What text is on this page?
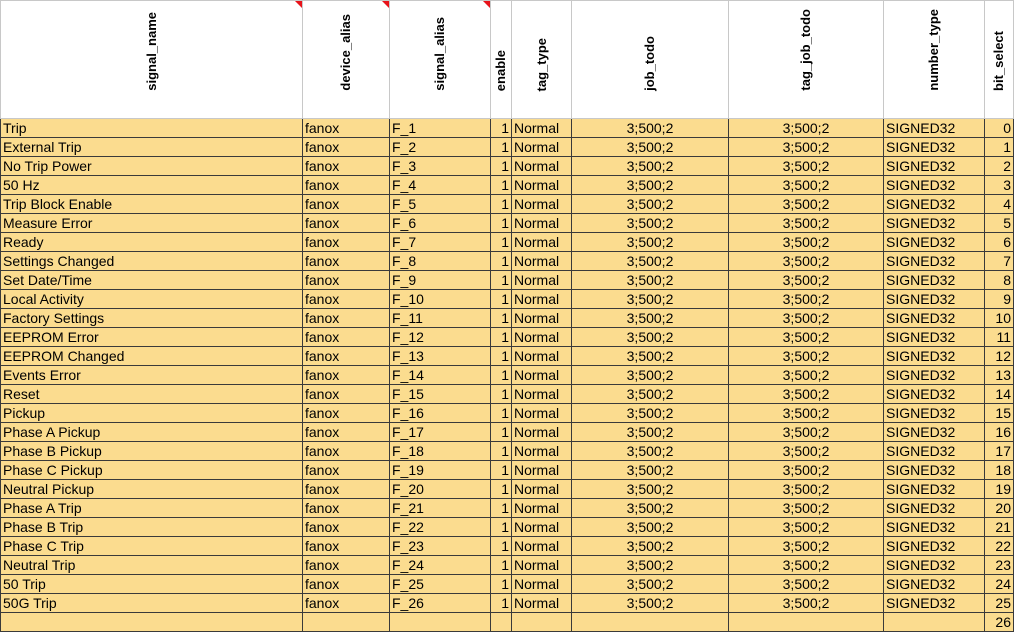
signal_name	device_alias	signal_alias	enable	tag_type	job_todo	tag_job_todo	number_type	bit_select

Trip	fanox	F_1	1	Normal	3;500;2	3;500;2	SIGNED32	0
External Trip	fanox	F_2	1	Normal	3;500;2	3;500;2	SIGNED32	1
No Trip Power	fanox	F_3	1	Normal	3;500;2	3;500;2	SIGNED32	2
50 Hz	fanox	F_4	1	Normal	3;500;2	3;500;2	SIGNED32	3
Trip Block Enable	fanox	F_5	1	Normal	3;500;2	3;500;2	SIGNED32	4
Measure Error	fanox	F_6	1	Normal	3;500;2	3;500;2	SIGNED32	5
Ready	fanox	F_7	1	Normal	3;500;2	3;500;2	SIGNED32	6
Settings Changed	fanox	F_8	1	Normal	3;500;2	3;500;2	SIGNED32	7
Set Date/Time	fanox	F_9	1	Normal	3;500;2	3;500;2	SIGNED32	8
Local Activity	fanox	F_10	1	Normal	3;500;2	3;500;2	SIGNED32	9
Factory Settings	fanox	F_11	1	Normal	3;500;2	3;500;2	SIGNED32	10
EEPROM Error	fanox	F_12	1	Normal	3;500;2	3;500;2	SIGNED32	11
EEPROM Changed	fanox	F_13	1	Normal	3;500;2	3;500;2	SIGNED32	12
Events Error	fanox	F_14	1	Normal	3;500;2	3;500;2	SIGNED32	13
Reset	fanox	F_15	1	Normal	3;500;2	3;500;2	SIGNED32	14
Pickup	fanox	F_16	1	Normal	3;500;2	3;500;2	SIGNED32	15
Phase A Pickup	fanox	F_17	1	Normal	3;500;2	3;500;2	SIGNED32	16
Phase B Pickup	fanox	F_18	1	Normal	3;500;2	3;500;2	SIGNED32	17
Phase C Pickup	fanox	F_19	1	Normal	3;500;2	3;500;2	SIGNED32	18
Neutral Pickup	fanox	F_20	1	Normal	3;500;2	3;500;2	SIGNED32	19
Phase A Trip	fanox	F_21	1	Normal	3;500;2	3;500;2	SIGNED32	20
Phase B Trip	fanox	F_22	1	Normal	3;500;2	3;500;2	SIGNED32	21
Phase C Trip	fanox	F_23	1	Normal	3;500;2	3;500;2	SIGNED32	22
Neutral Trip	fanox	F_24	1	Normal	3;500;2	3;500;2	SIGNED32	23
50 Trip	fanox	F_25	1	Normal	3;500;2	3;500;2	SIGNED32	24
50G Trip	fanox	F_26	1	Normal	3;500;2	3;500;2	SIGNED32	25
								26
